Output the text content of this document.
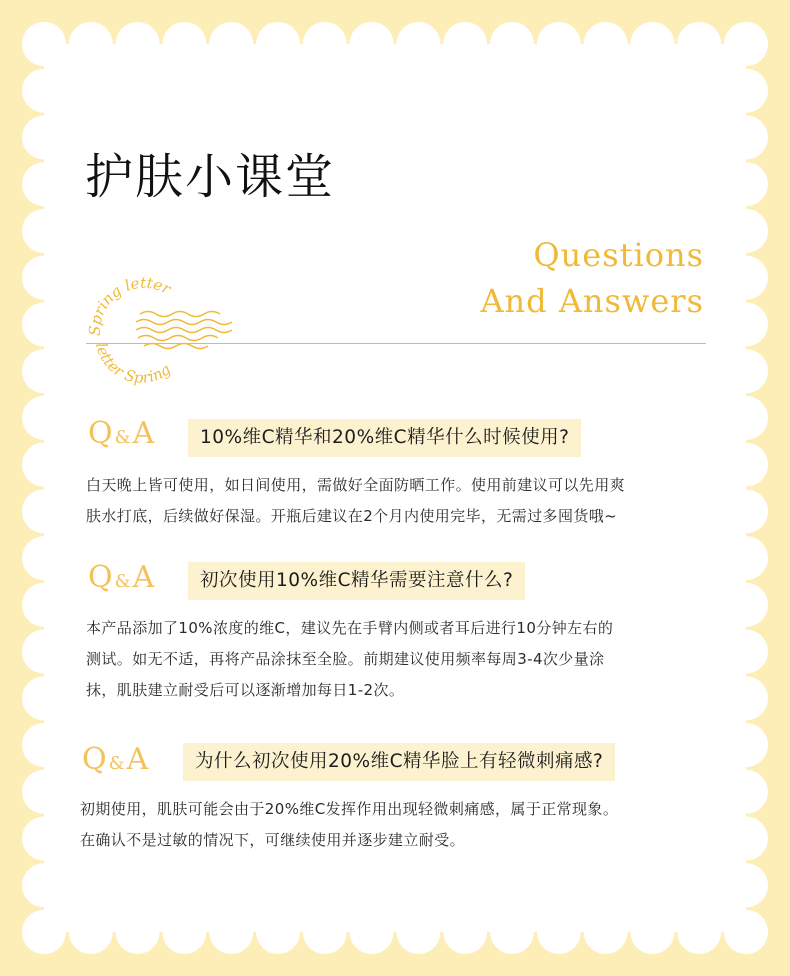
护肤小课堂
Questions
And Answers
Spring letter
letter Spring
Q &A	10%维C精华和20%维C精华什么时候使用?
白天晚上皆可使用，如日间使用，需做好全面防晒工作。使用前建议可以先用爽
肤水打底，后续做好保湿。开瓶后建议在2个月内使用完毕，无需过多囤货哦~
Q &A	初次使用10%维C精华需要注意什么?
本产品添加了10%浓度的维C，建议先在手臂内侧或者耳后进行10分钟左右的
测试。如无不适，再将产品涂抹至全脸。前期建议使用频率每周3-4次少量涂
抹，肌肤建立耐受后可以逐渐增加每日1-2次。
Q &A	为什么初次使用20%维C精华脸上有轻微刺痛感?
初期使用，肌肤可能会由于20%维C发挥作用出现轻微刺痛感，属于正常现象。
在确认不是过敏的情况下，可继续使用并逐步建立耐受。
